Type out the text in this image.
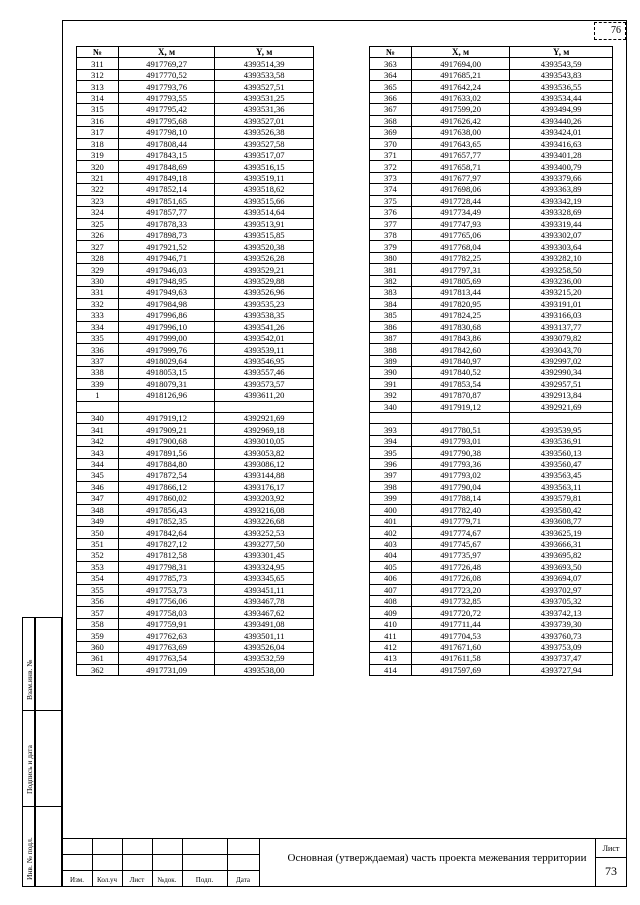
76
№	X, м	Y, м
311	4917769,27	4393514,39
312	4917770,52	4393533,58
313	4917793,76	4393527,51
314	4917793,55	4393531,25
315	4917795,42	4393531,36
316	4917795,68	4393527,01
317	4917798,10	4393526,38
318	4917808,44	4393527,58
319	4917843,15	4393517,07
320	4917848,69	4393516,15
321	4917849,18	4393519,11
322	4917852,14	4393518,62
323	4917851,65	4393515,66
324	4917857,77	4393514,64
325	4917878,33	4393513,91
326	4917898,73	4393515,85
327	4917921,52	4393520,38
328	4917946,71	4393526,28
329	4917946,03	4393529,21
330	4917948,95	4393529,88
331	4917949,63	4393526,96
332	4917984,98	4393535,23
333	4917996,86	4393538,35
334	4917996,10	4393541,26
335	4917999,00	4393542,01
336	4917999,76	4393539,11
337	4918029,64	4393546,95
338	4918053,15	4393557,46
339	4918079,31	4393573,57
1	4918126,96	4393611,20

340	4917919,12	4392921,69
341	4917909,21	4392969,18
342	4917900,68	4393010,05
343	4917891,56	4393053,82
344	4917884,80	4393086,12
345	4917872,54	4393144,88
346	4917866,12	4393176,17
347	4917860,02	4393203,92
348	4917856,43	4393216,08
349	4917852,35	4393226,68
350	4917842,64	4393252,53
351	4917827,12	4393277,50
352	4917812,58	4393301,45
353	4917798,31	4393324,95
354	4917785,73	4393345,65
355	4917753,73	4393451,11
356	4917756,06	4393467,78
357	4917758,03	4393467,62
358	4917759,91	4393491,08
359	4917762,63	4393501,11
360	4917763,69	4393526,04
361	4917763,54	4393532,59
362	4917731,09	4393538,00
№	X, м	Y, м
363	4917694,00	4393543,59
364	4917685,21	4393543,83
365	4917642,24	4393536,55
366	4917633,02	4393534,44
367	4917599,20	4393494,99
368	4917626,42	4393440,26
369	4917638,00	4393424,01
370	4917643,65	4393416,63
371	4917657,77	4393401,28
372	4917658,71	4393400,79
373	4917677,97	4393379,66
374	4917698,06	4393363,89
375	4917728,44	4393342,19
376	4917734,49	4393328,69
377	4917747,93	4393319,44
378	4917765,06	4393302,07
379	4917768,04	4393303,64
380	4917782,25	4393282,10
381	4917797,31	4393258,50
382	4917805,69	4393236,00
383	4917813,44	4393215,20
384	4917820,95	4393191,01
385	4917824,25	4393166,03
386	4917830,68	4393137,77
387	4917843,86	4393079,82
388	4917842,60	4393043,70
389	4917840,97	4392997,02
390	4917840,52	4392990,34
391	4917853,54	4392957,51
392	4917870,87	4392913,84
340	4917919,12	4392921,69

393	4917780,51	4393539,95
394	4917793,01	4393536,91
395	4917790,38	4393560,13
396	4917793,36	4393560,47
397	4917793,02	4393563,45
398	4917790,04	4393563,11
399	4917788,14	4393579,81
400	4917782,40	4393580,42
401	4917779,71	4393608,77
402	4917774,67	4393625,19
403	4917745,67	4393666,31
404	4917735,97	4393695,82
405	4917726,48	4393693,50
406	4917726,08	4393694,07
407	4917723,20	4393702,97
408	4917732,85	4393705,32
409	4917720,72	4393742,13
410	4917711,44	4393739,30
411	4917704,53	4393760,73
412	4917671,60	4393753,09
413	4917611,58	4393737,47
414	4917597,69	4393727,94
Взам.инв. №
Подпись и дата
Инв. № подл.	Изм.	Кол.уч	Лист	№док.	Подп.	Дата
Основная (утверждаемая) часть проекта межевания территории
Лист
73
